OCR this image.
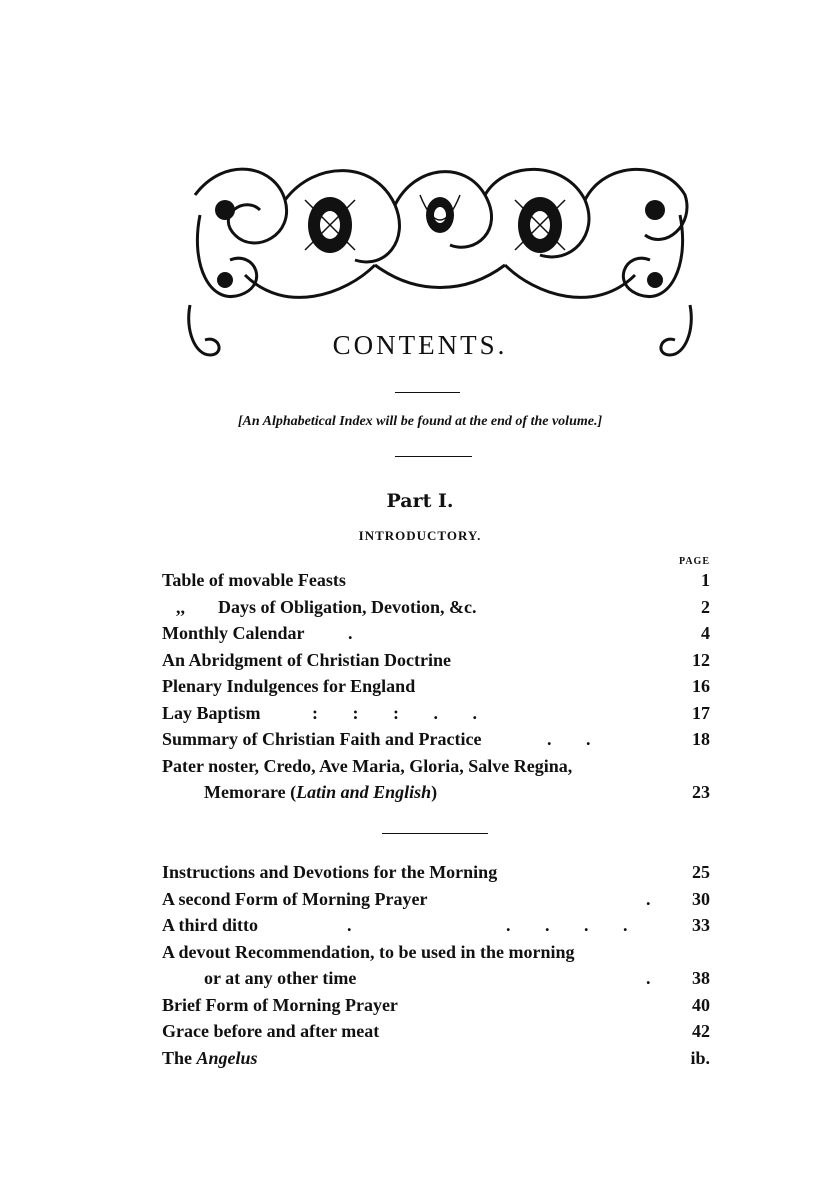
CONTENTS.
[An Alphabetical Index will be found at the end of the volume.]
Part I.
INTRODUCTORY.
PAGE
Table of movable Feasts	1
,, Days of Obligation, Devotion, &c.	2
Monthly Calendar .	4
An Abridgment of Christian Doctrine	12
Plenary Indulgences for England	16
Lay Baptism	:     :     :     .     .	17
Summary of Christian Faith and Practice	.     .	18
Pater noster, Credo, Ave Maria, Gloria, Salve Regina,
Memorare (Latin and English)	23
Instructions and Devotions for the Morning	25
A second Form of Morning Prayer	. 30
A third ditto	.	.     .     .     .	33
A devout Recommendation, to be used in the morning
or at any other time	. 38
Brief Form of Morning Prayer	40
Grace before and after meat	42
The Angelus	ib.
